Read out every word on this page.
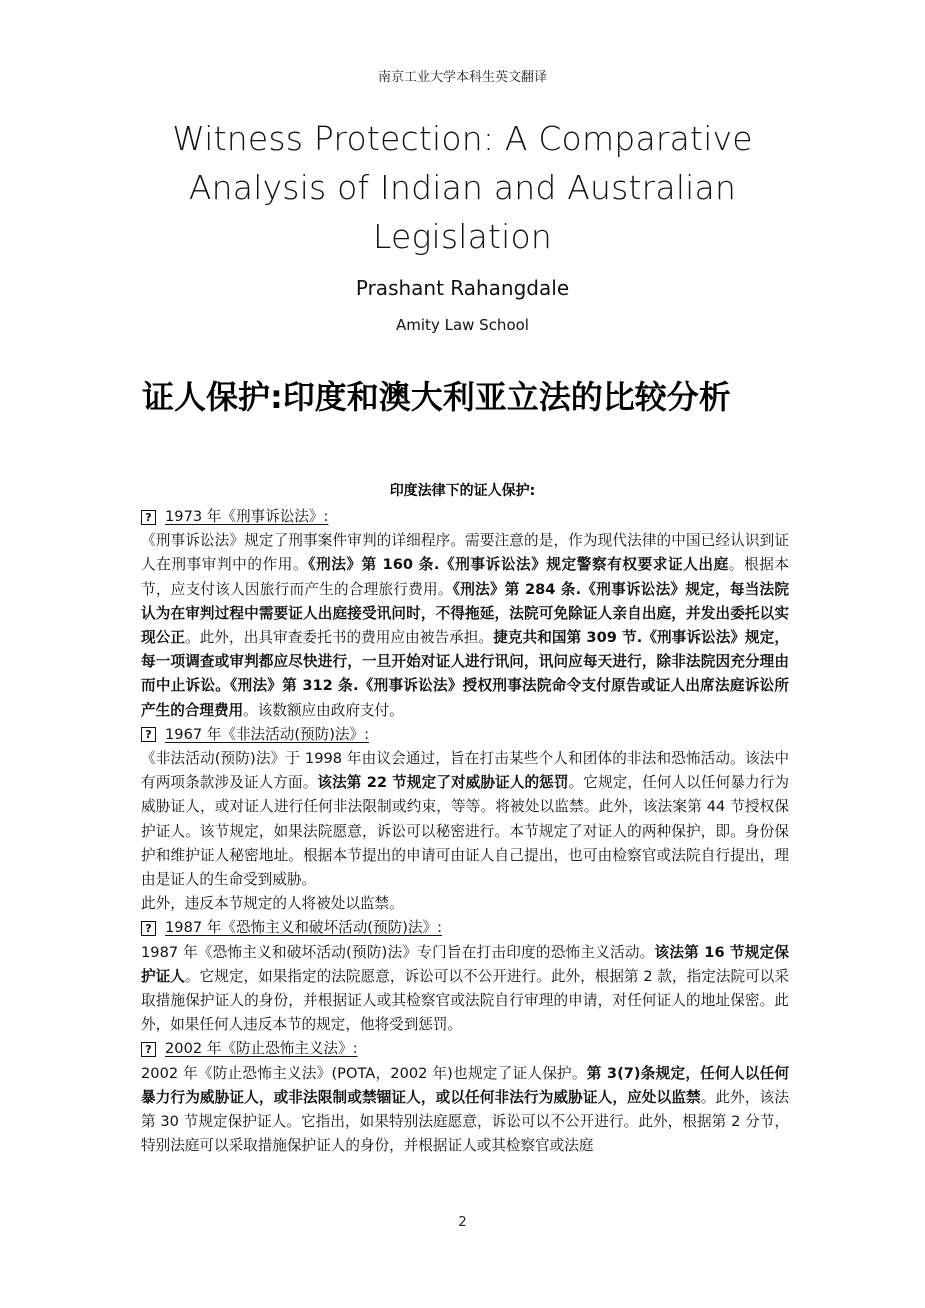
南京工业大学本科生英文翻译
Witness Protection: A Comparative
Analysis of Indian and Australian
Legislation
Prashant Rahangdale
Amity Law School
证人保护:印度和澳大利亚立法的比较分析
印度法律下的证人保护:
? 1973 年《刑事诉讼法》:

《刑事诉讼法》规定了刑事案件审判的详细程序。需要注意的是，作为现代法律的中国已经认识到证人在刑事审判中的作用。《刑法》第 160 条.《刑事诉讼法》规定警察有权要求证人出庭。根据本节，应支付该人因旅行而产生的合理旅行费用。《刑法》第 284 条.《刑事诉讼法》规定，每当法院认为在审判过程中需要证人出庭接受讯问时，不得拖延，法院可免除证人亲自出庭，并发出委托以实现公正。此外，出具审查委托书的费用应由被告承担。捷克共和国第 309 节.《刑事诉讼法》规定，每一项调查或审判都应尽快进行，一旦开始对证人进行讯问，讯问应每天进行，除非法院因充分理由而中止诉讼。《刑法》第 312 条.《刑事诉讼法》授权刑事法院命令支付原告或证人出席法庭诉讼所产生的合理费用。该数额应由政府支付。

? 1967 年《非法活动(预防)法》:

《非法活动(预防)法》于 1998 年由议会通过，旨在打击某些个人和团体的非法和恐怖活动。该法中有两项条款涉及证人方面。该法第 22 节规定了对威胁证人的惩罚。它规定，任何人以任何暴力行为威胁证人，或对证人进行任何非法限制或约束，等等。将被处以监禁。此外，该法案第 44 节授权保护证人。该节规定，如果法院愿意，诉讼可以秘密进行。本节规定了对证人的两种保护，即。身份保护和维护证人秘密地址。根据本节提出的申请可由证人自己提出，也可由检察官或法院自行提出，理由是证人的生命受到威胁。

此外，违反本节规定的人将被处以监禁。

? 1987 年《恐怖主义和破坏活动(预防)法》:

1987 年《恐怖主义和破坏活动(预防)法》专门旨在打击印度的恐怖主义活动。该法第 16 节规定保护证人。它规定，如果指定的法院愿意，诉讼可以不公开进行。此外，根据第 2 款，指定法院可以采取措施保护证人的身份，并根据证人或其检察官或法院自行审理的申请，对任何证人的地址保密。此外，如果任何人违反本节的规定，他将受到惩罚。

? 2002 年《防止恐怖主义法》:

2002 年《防止恐怖主义法》(POTA，2002 年)也规定了证人保护。第 3(7)条规定，任何人以任何暴力行为威胁证人，或非法限制或禁锢证人，或以任何非法行为威胁证人，应处以监禁。此外，该法第 30 节规定保护证人。它指出，如果特别法庭愿意，诉讼可以不公开进行。此外，根据第 2 分节，特别法庭可以采取措施保护证人的身份，并根据证人或其检察官或法庭

2
